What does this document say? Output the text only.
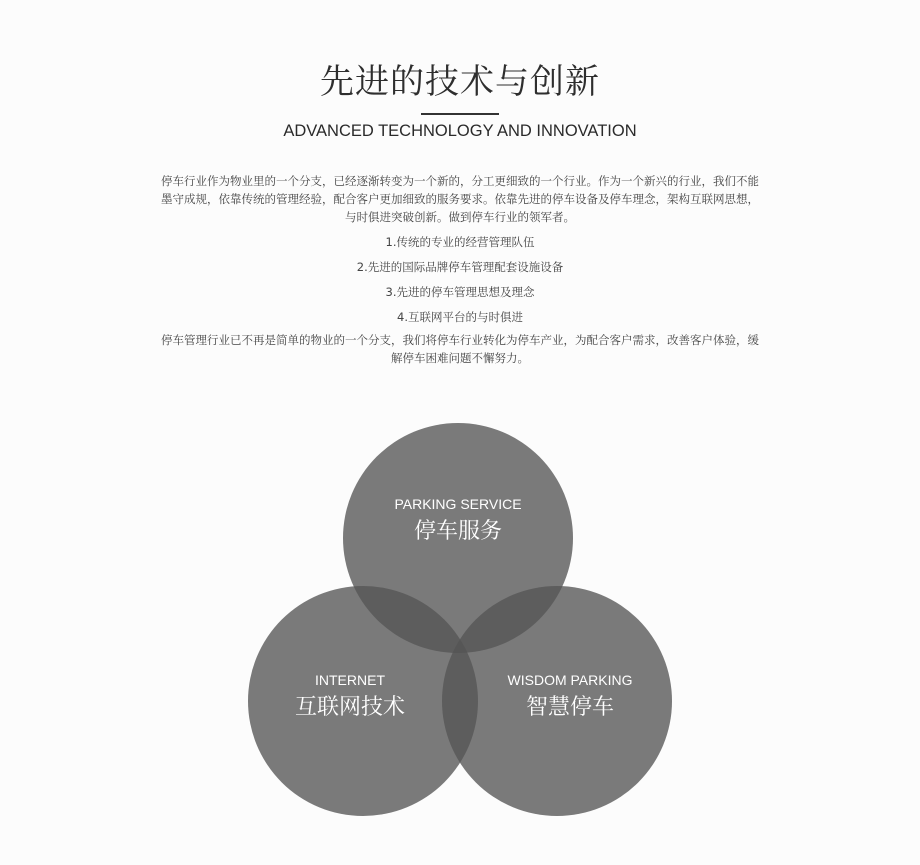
先进的技术与创新
ADVANCED TECHNOLOGY AND INNOVATION

停车行业作为物业里的一个分支，已经逐渐转变为一个新的，分工更细致的一个行业。作为一个新兴的行业，我们不能

墨守成规，依靠传统的管理经验，配合客户更加细致的服务要求。依靠先进的停车设备及停车理念，架构互联网思想，

与时俱进突破创新。做到停车行业的领军者。

1.传统的专业的经营管理队伍
2.先进的国际品牌停车管理配套设施设备
3.先进的停车管理思想及理念
4.互联网平台的与时俱进

停车管理行业已不再是简单的物业的一个分支，我们将停车行业转化为停车产业，为配合客户需求，改善客户体验，缓

解停车困难问题不懈努力。

PARKING SERVICE
停车服务
INTERNET
互联网技术
WISDOM PARKING
智慧停车
